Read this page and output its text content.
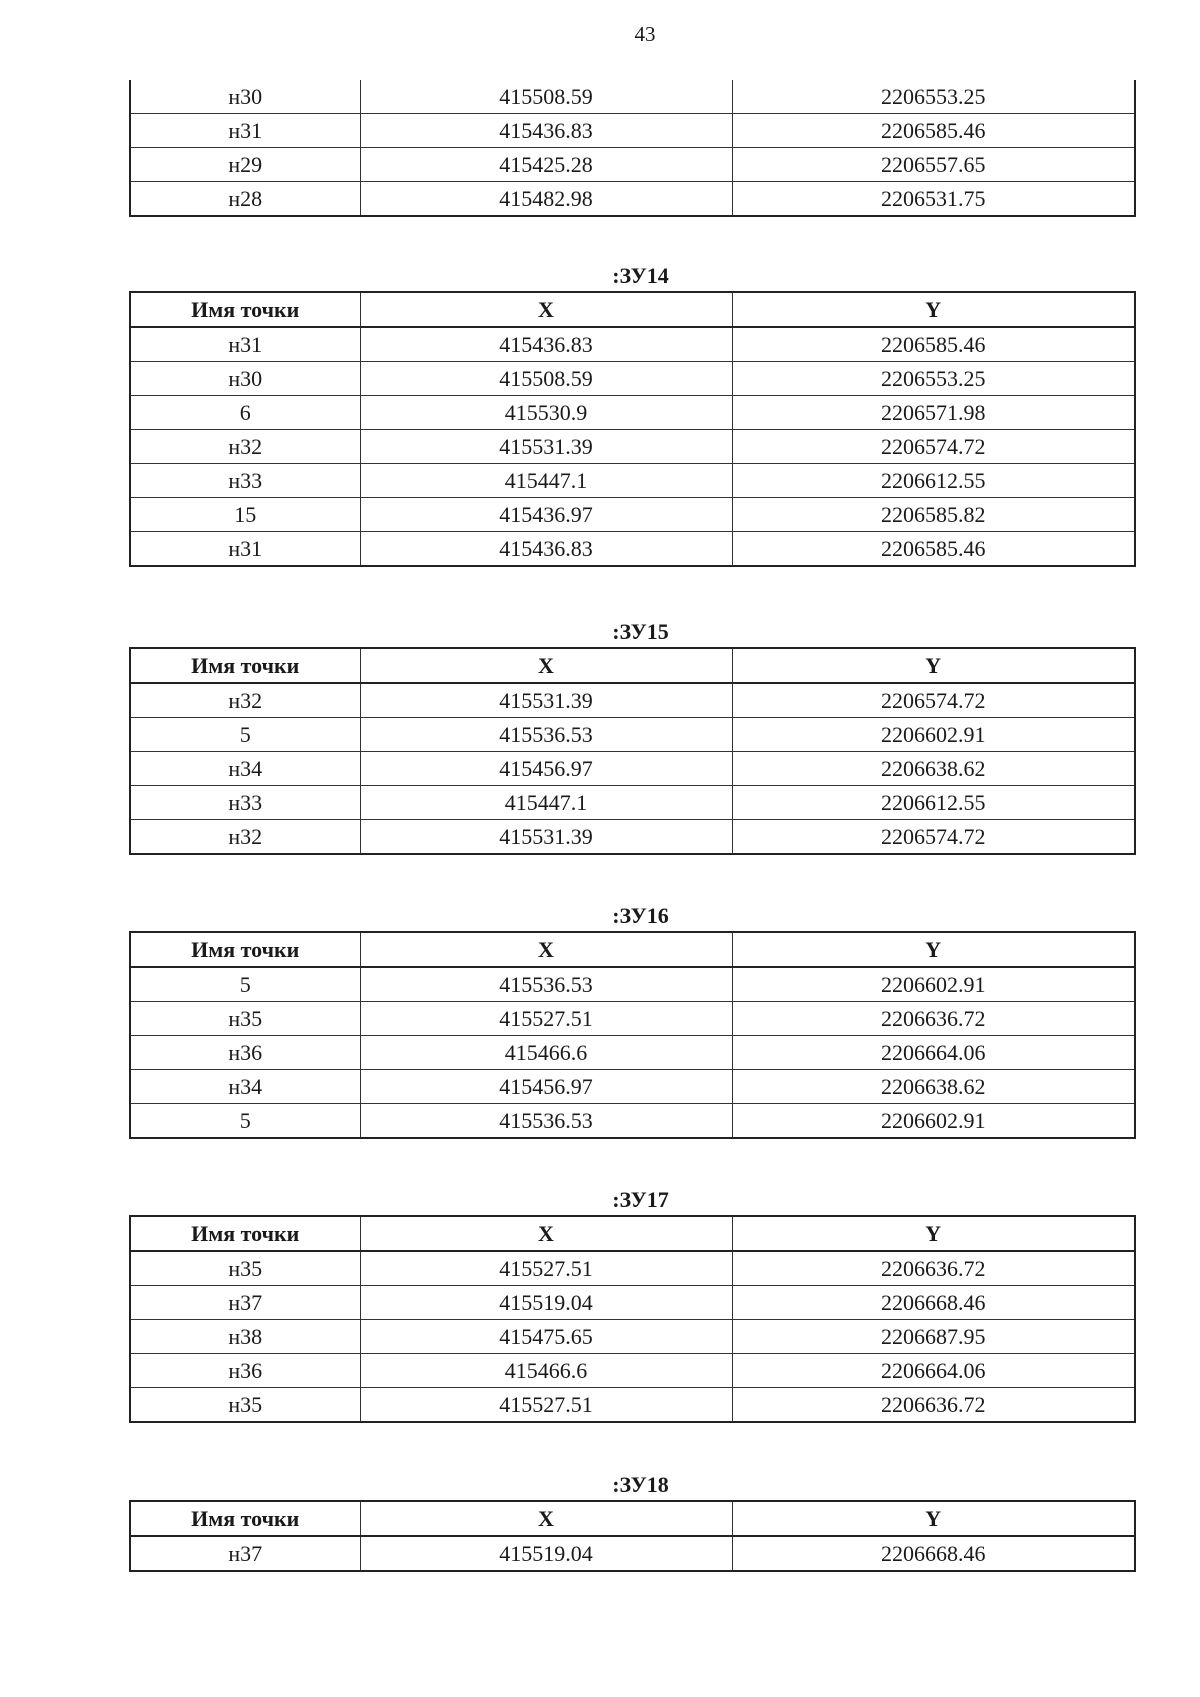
43
н30	415508.59	2206553.25
н31	415436.83	2206585.46
н29	415425.28	2206557.65
н28	415482.98	2206531.75
:ЗУ14
Имя точки	X	Y
н31	415436.83	2206585.46
н30	415508.59	2206553.25
6	415530.9	2206571.98
н32	415531.39	2206574.72
н33	415447.1	2206612.55
15	415436.97	2206585.82
н31	415436.83	2206585.46
:ЗУ15
Имя точки	X	Y
н32	415531.39	2206574.72
5	415536.53	2206602.91
н34	415456.97	2206638.62
н33	415447.1	2206612.55
н32	415531.39	2206574.72
:ЗУ16
Имя точки	X	Y
5	415536.53	2206602.91
н35	415527.51	2206636.72
н36	415466.6	2206664.06
н34	415456.97	2206638.62
5	415536.53	2206602.91
:ЗУ17
Имя точки	X	Y
н35	415527.51	2206636.72
н37	415519.04	2206668.46
н38	415475.65	2206687.95
н36	415466.6	2206664.06
н35	415527.51	2206636.72
:ЗУ18
Имя точки	X	Y
н37	415519.04	2206668.46
